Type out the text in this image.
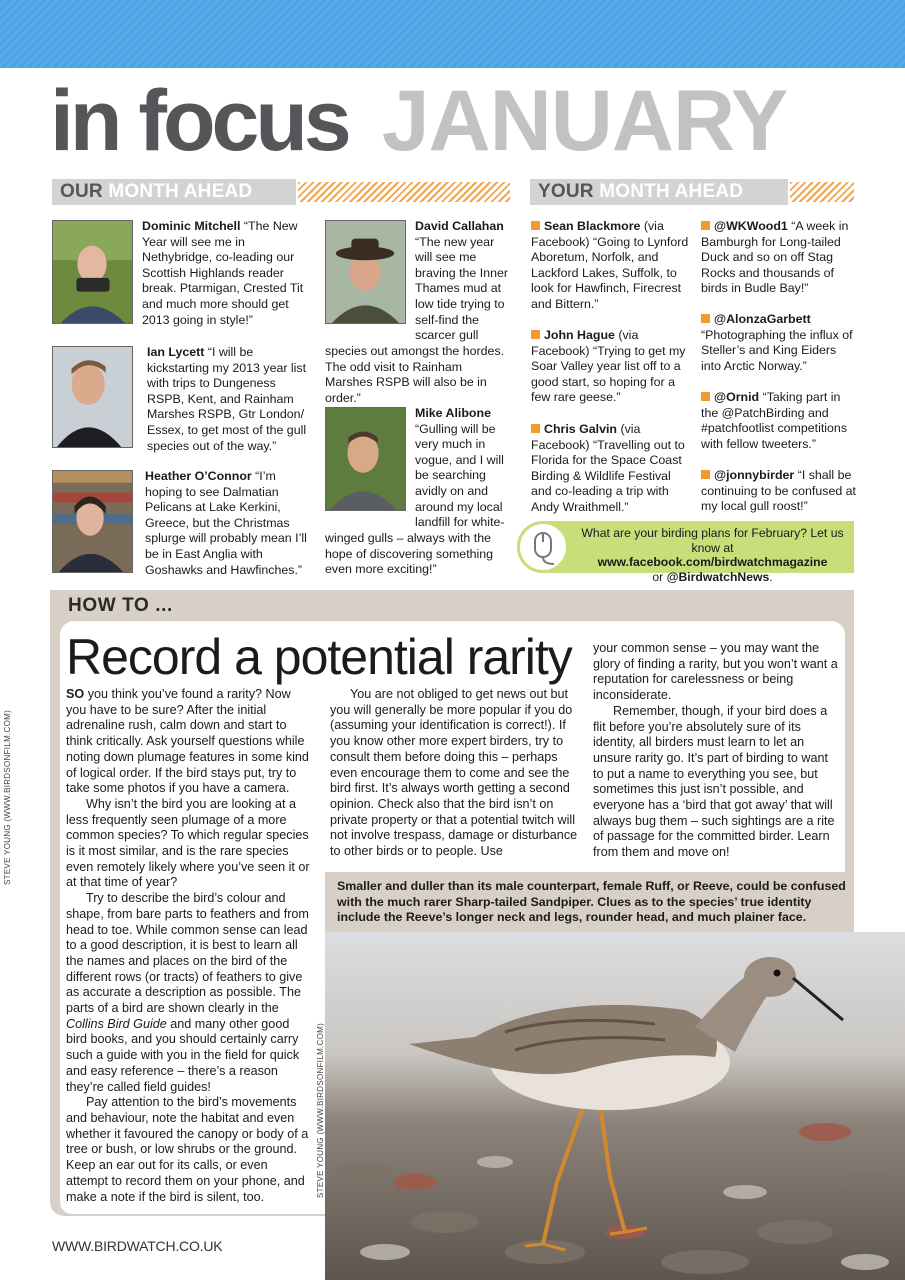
in focus JANUARY
OUR MONTH AHEAD	YOUR MONTH AHEAD
Dominic Mitchell “The New Year will see me in Nethybridge, co-leading our Scottish Highlands reader break. Ptarmigan, Crested Tit and much more should get 2013 going in style!”
Ian Lycett “I will be kickstarting my 2013 year list with trips to Dungeness RSPB, Kent, and Rainham Marshes RSPB, Gtr London/ Essex, to get most of the gull species out of the way.”
Heather O’Connor “I’m hoping to see Dalmatian Pelicans at Lake Kerkini, Greece, but the Christmas splurge will probably mean I’ll be in East Anglia with Goshawks and Hawfinches.”
David Callahan
“The new year will see me braving the Inner Thames mud at low tide trying to self-find the scarcer gull
species out amongst the hordes. The odd visit to Rainham Marshes RSPB will also be in order.”
Mike Alibone
“Gulling will be very much in vogue, and I will be searching avidly on and around my local landfill for white-
winged gulls – always with the hope of discovering something even more exciting!”
Sean Blackmore (via Facebook) “Going to Lynford Aboretum, Norfolk, and Lackford Lakes, Suffolk, to look for Hawfinch, Firecrest and Bittern.”
John Hague (via Facebook) “Trying to get my Soar Valley year list off to a good start, so hoping for a few rare geese.”
Chris Galvin (via Facebook) “Travelling out to Florida for the Space Coast Birding & Wildlife Festival and co-leading a trip with Andy Wraithmell.”
@WKWood1 “A week in Bamburgh for Long-tailed Duck and so on off Stag Rocks and thousands of birds in Budle Bay!”
@AlonzaGarbett “Photographing the influx of Steller’s and King Eiders into Arctic Norway.”
@Ornid “Taking part in the @PatchBirding and #patchfootlist competitions with fellow tweeters.”
@jonnybirder “I shall be continuing to be confused at my local gull roost!”
What are your birding plans for February? Let us know at www.facebook.com/birdwatchmagazine
or @BirdwatchNews.
HOW TO ...
Record a potential rarity

SO you think you’ve found a rarity? Now you have to be sure? After the initial adrenaline rush, calm down and start to think critically. Ask yourself questions while noting down plumage features in some kind of logical order. If the bird stays put, try to take some photos if you have a camera.

Why isn’t the bird you are looking at a less frequently seen plumage of a more common species? To which regular species is it most similar, and is the rare species even remotely likely where you’ve seen it or at that time of year?

Try to describe the bird’s colour and shape, from bare parts to feathers and from head to toe. While common sense can lead to a good description, it is best to learn all the names and places on the bird of the different rows (or tracts) of feathers to give as accurate a description as possible. The parts of a bird are shown clearly in the Collins Bird Guide and many other good bird books, and you should certainly carry such a guide with you in the field for quick and easy reference – there’s a reason they’re called field guides!

Pay attention to the bird’s movements and behaviour, note the habitat and even whether it favoured the canopy or body of a tree or bush, or low shrubs or the ground. Keep an ear out for its calls, or even attempt to record them on your phone, and make a note if the bird is silent, too.

You are not obliged to get news out but you will generally be more popular if you do (assuming your identification is correct!). If you know other more expert birders, try to consult them before doing this – perhaps even encourage them to come and see the bird first. It’s always worth getting a second opinion. Check also that the bird isn’t on private property or that a potential twitch will not involve trespass, damage or disturbance to other birds or to people. Use

your common sense – you may want the glory of finding a rarity, but you won’t want a reputation for carelessness or being inconsiderate.

Remember, though, if your bird does a flit before you’re absolutely sure of its identity, all birders must learn to let an unsure rarity go. It’s part of birding to want to put a name to everything you see, but sometimes this just isn’t possible, and everyone has a ‘bird that got away’ that will always bug them – such sightings are a rite of passage for the committed birder. Learn from them and move on!

Smaller and duller than its male counterpart, female Ruff, or Reeve, could be confused with the much rarer Sharp-tailed Sandpiper. Clues as to the species’ true identity include the Reeve’s longer neck and legs, rounder head, and much plainer face.
STEVE YOUNG (WWW.BIRDSONFILM.COM)
STEVE YOUNG (WWW.BIRDSONFILM.COM)
WWW.BIRDWATCH.CO.UK
